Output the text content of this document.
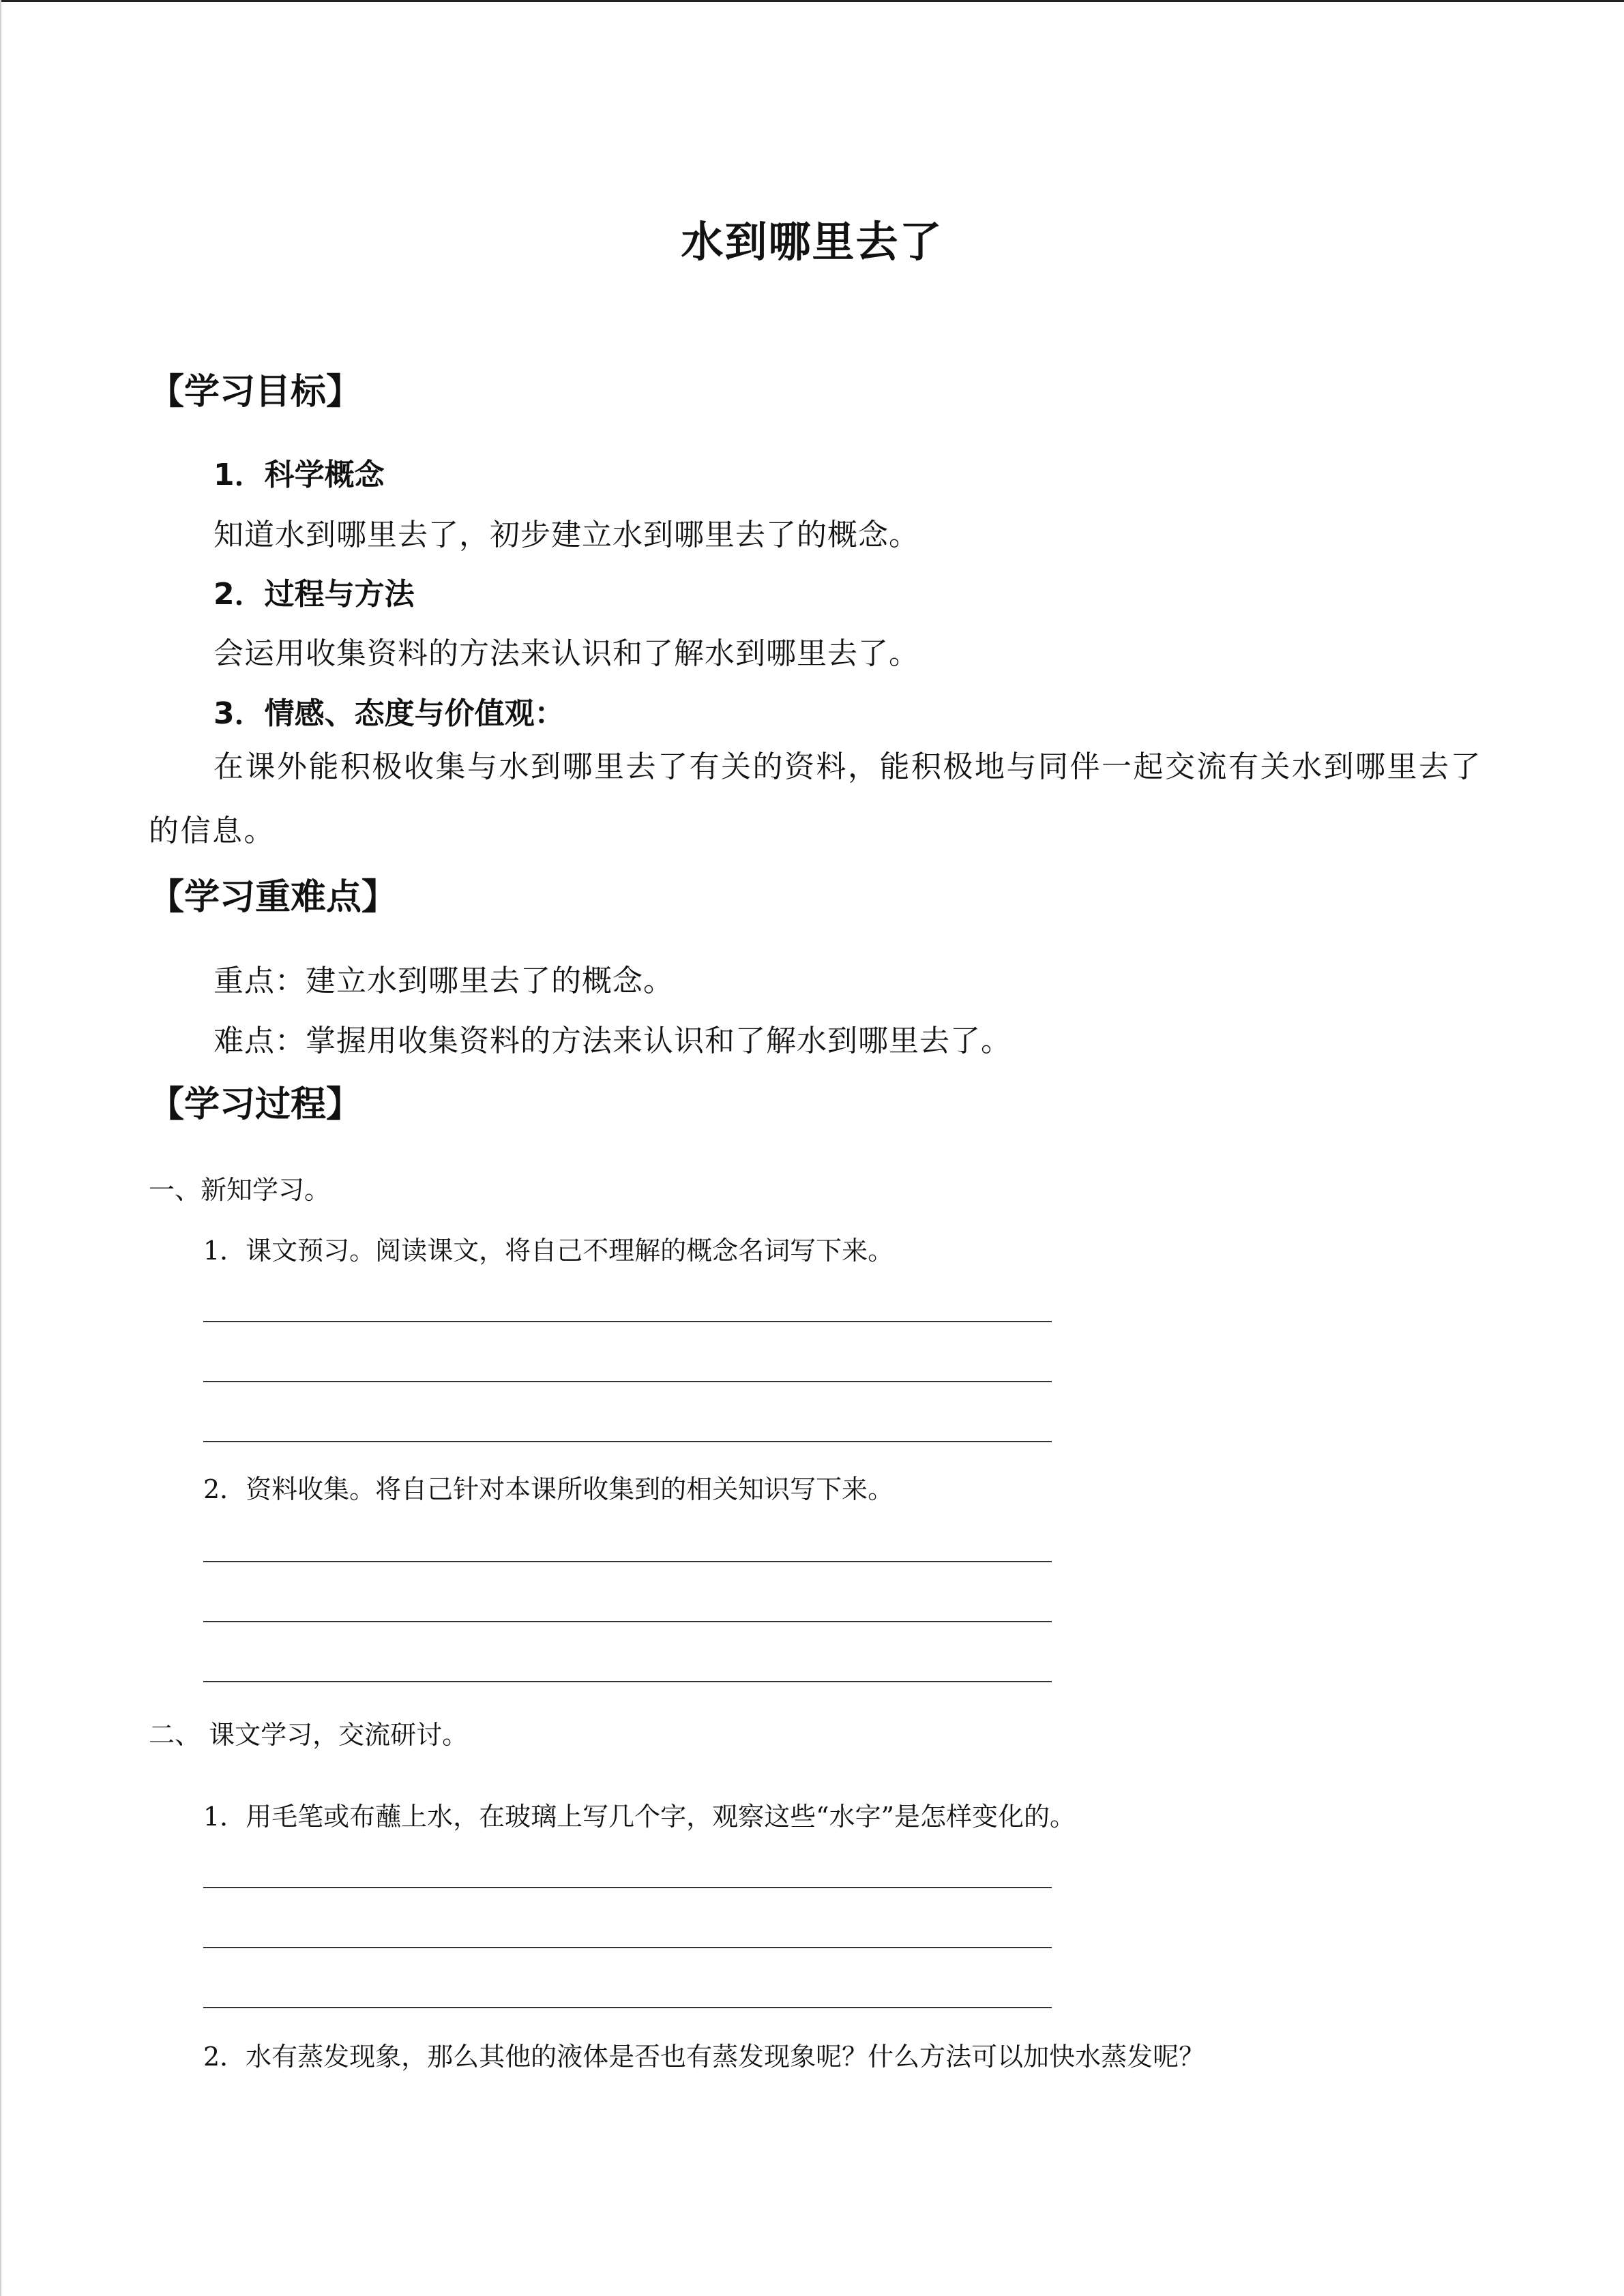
水到哪里去了
【学习目标】
1．科学概念
知道水到哪里去了，初步建立水到哪里去了的概念。
2．过程与方法
会运用收集资料的方法来认识和了解水到哪里去了。
3．情感、态度与价值观：
在课外能积极收集与水到哪里去了有关的资料，能积极地与同伴一起交流有关水到哪里去了的信息。
【学习重难点】
重点：建立水到哪里去了的概念。
难点：掌握用收集资料的方法来认识和了解水到哪里去了。
【学习过程】
一、新知学习。
1．课文预习。阅读课文，将自己不理解的概念名词写下来。
2．资料收集。将自己针对本课所收集到的相关知识写下来。
二、 课文学习，交流研讨。
1．用毛笔或布蘸上水，在玻璃上写几个字，观察这些“水字”是怎样变化的。
2．水有蒸发现象，那么其他的液体是否也有蒸发现象呢？什么方法可以加快水蒸发呢？
